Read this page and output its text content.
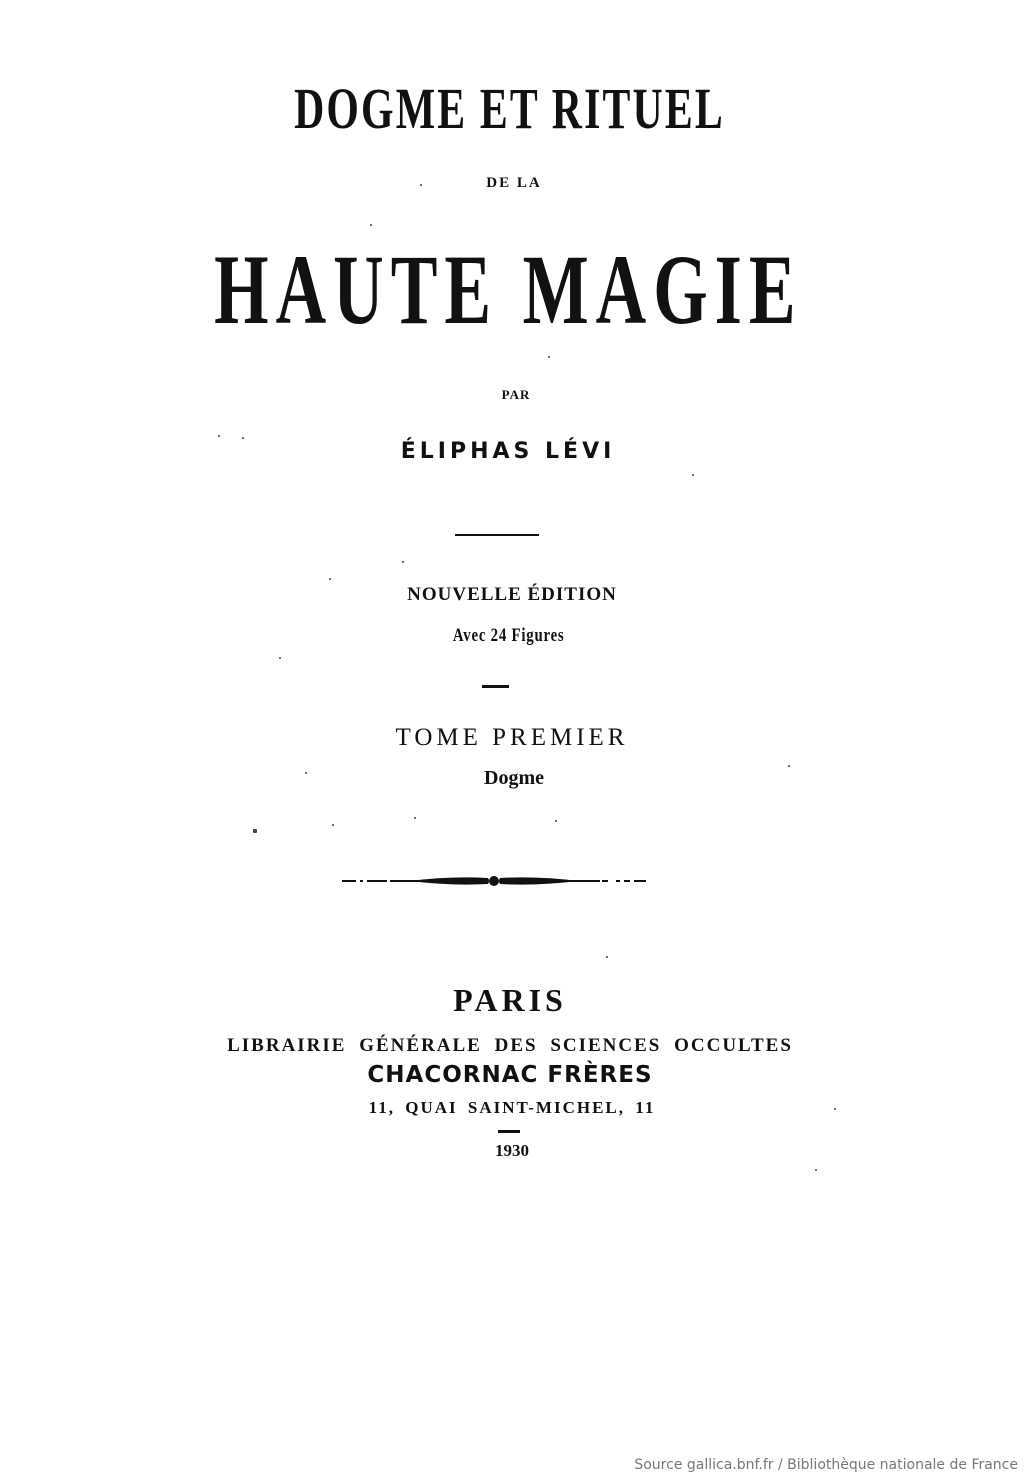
DOGME ET RITUEL
DE LA
HAUTE MAGIE
PAR
ÉLIPHAS LÉVI
NOUVELLE ÉDITION
Avec 24 Figures
TOME PREMIER
Dogme
PARIS
LIBRAIRIE GÉNÉRALE DES SCIENCES OCCULTES
CHACORNAC FRÈRES
11, QUAI SAINT-MICHEL, 11
1930
Source gallica.bnf.fr / Bibliothèque nationale de France
